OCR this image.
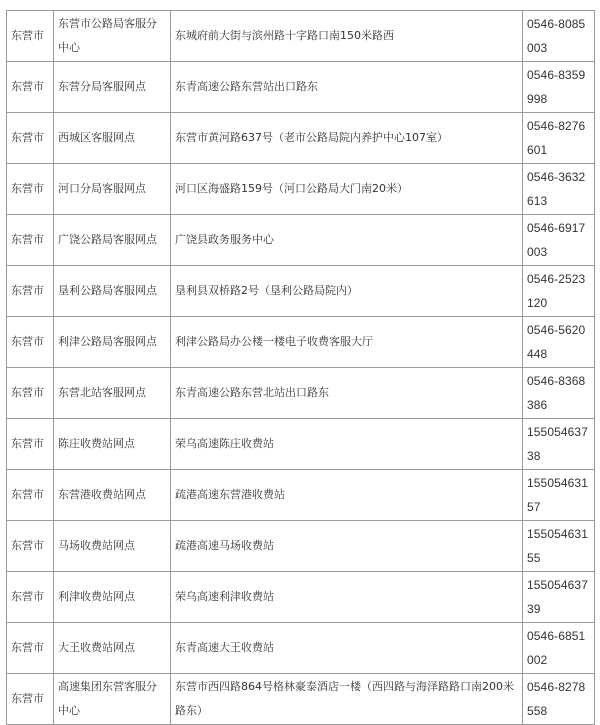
东营市	东营市公路局客服分中心	东城府前大街与滨州路十字路口南150米路西	0546-8085003
东营市	东营分局客服网点	东青高速公路东营站出口路东	0546-8359998
东营市	西城区客服网点	东营市黄河路637号（老市公路局院内养护中心107室）	0546-8276601
东营市	河口分局客服网点	河口区海盛路159号（河口公路局大门南20米）	0546-3632613
东营市	广饶公路局客服网点	广饶县政务服务中心	0546-6917003
东营市	垦利公路局客服网点	垦利县双桥路2号（垦利公路局院内）	0546-2523120
东营市	利津公路局客服网点	利津公路局办公楼一楼电子收费客服大厅	0546-5620448
东营市	东营北站客服网点	东青高速公路东营北站出口路东	0546-8368386
东营市	陈庄收费站网点	荣乌高速陈庄收费站	15505463738
东营市	东营港收费站网点	疏港高速东营港收费站	15505463157
东营市	马场收费站网点	疏港高速马场收费站	15505463155
东营市	利津收费站网点	荣乌高速利津收费站	15505463739
东营市	大王收费站网点	东青高速大王收费站	0546-6851002
东营市	高速集团东营客服分中心	东营市西四路864号格林豪泰酒店一楼（西四路与海泽路路口南200米路东）	0546-8278558
